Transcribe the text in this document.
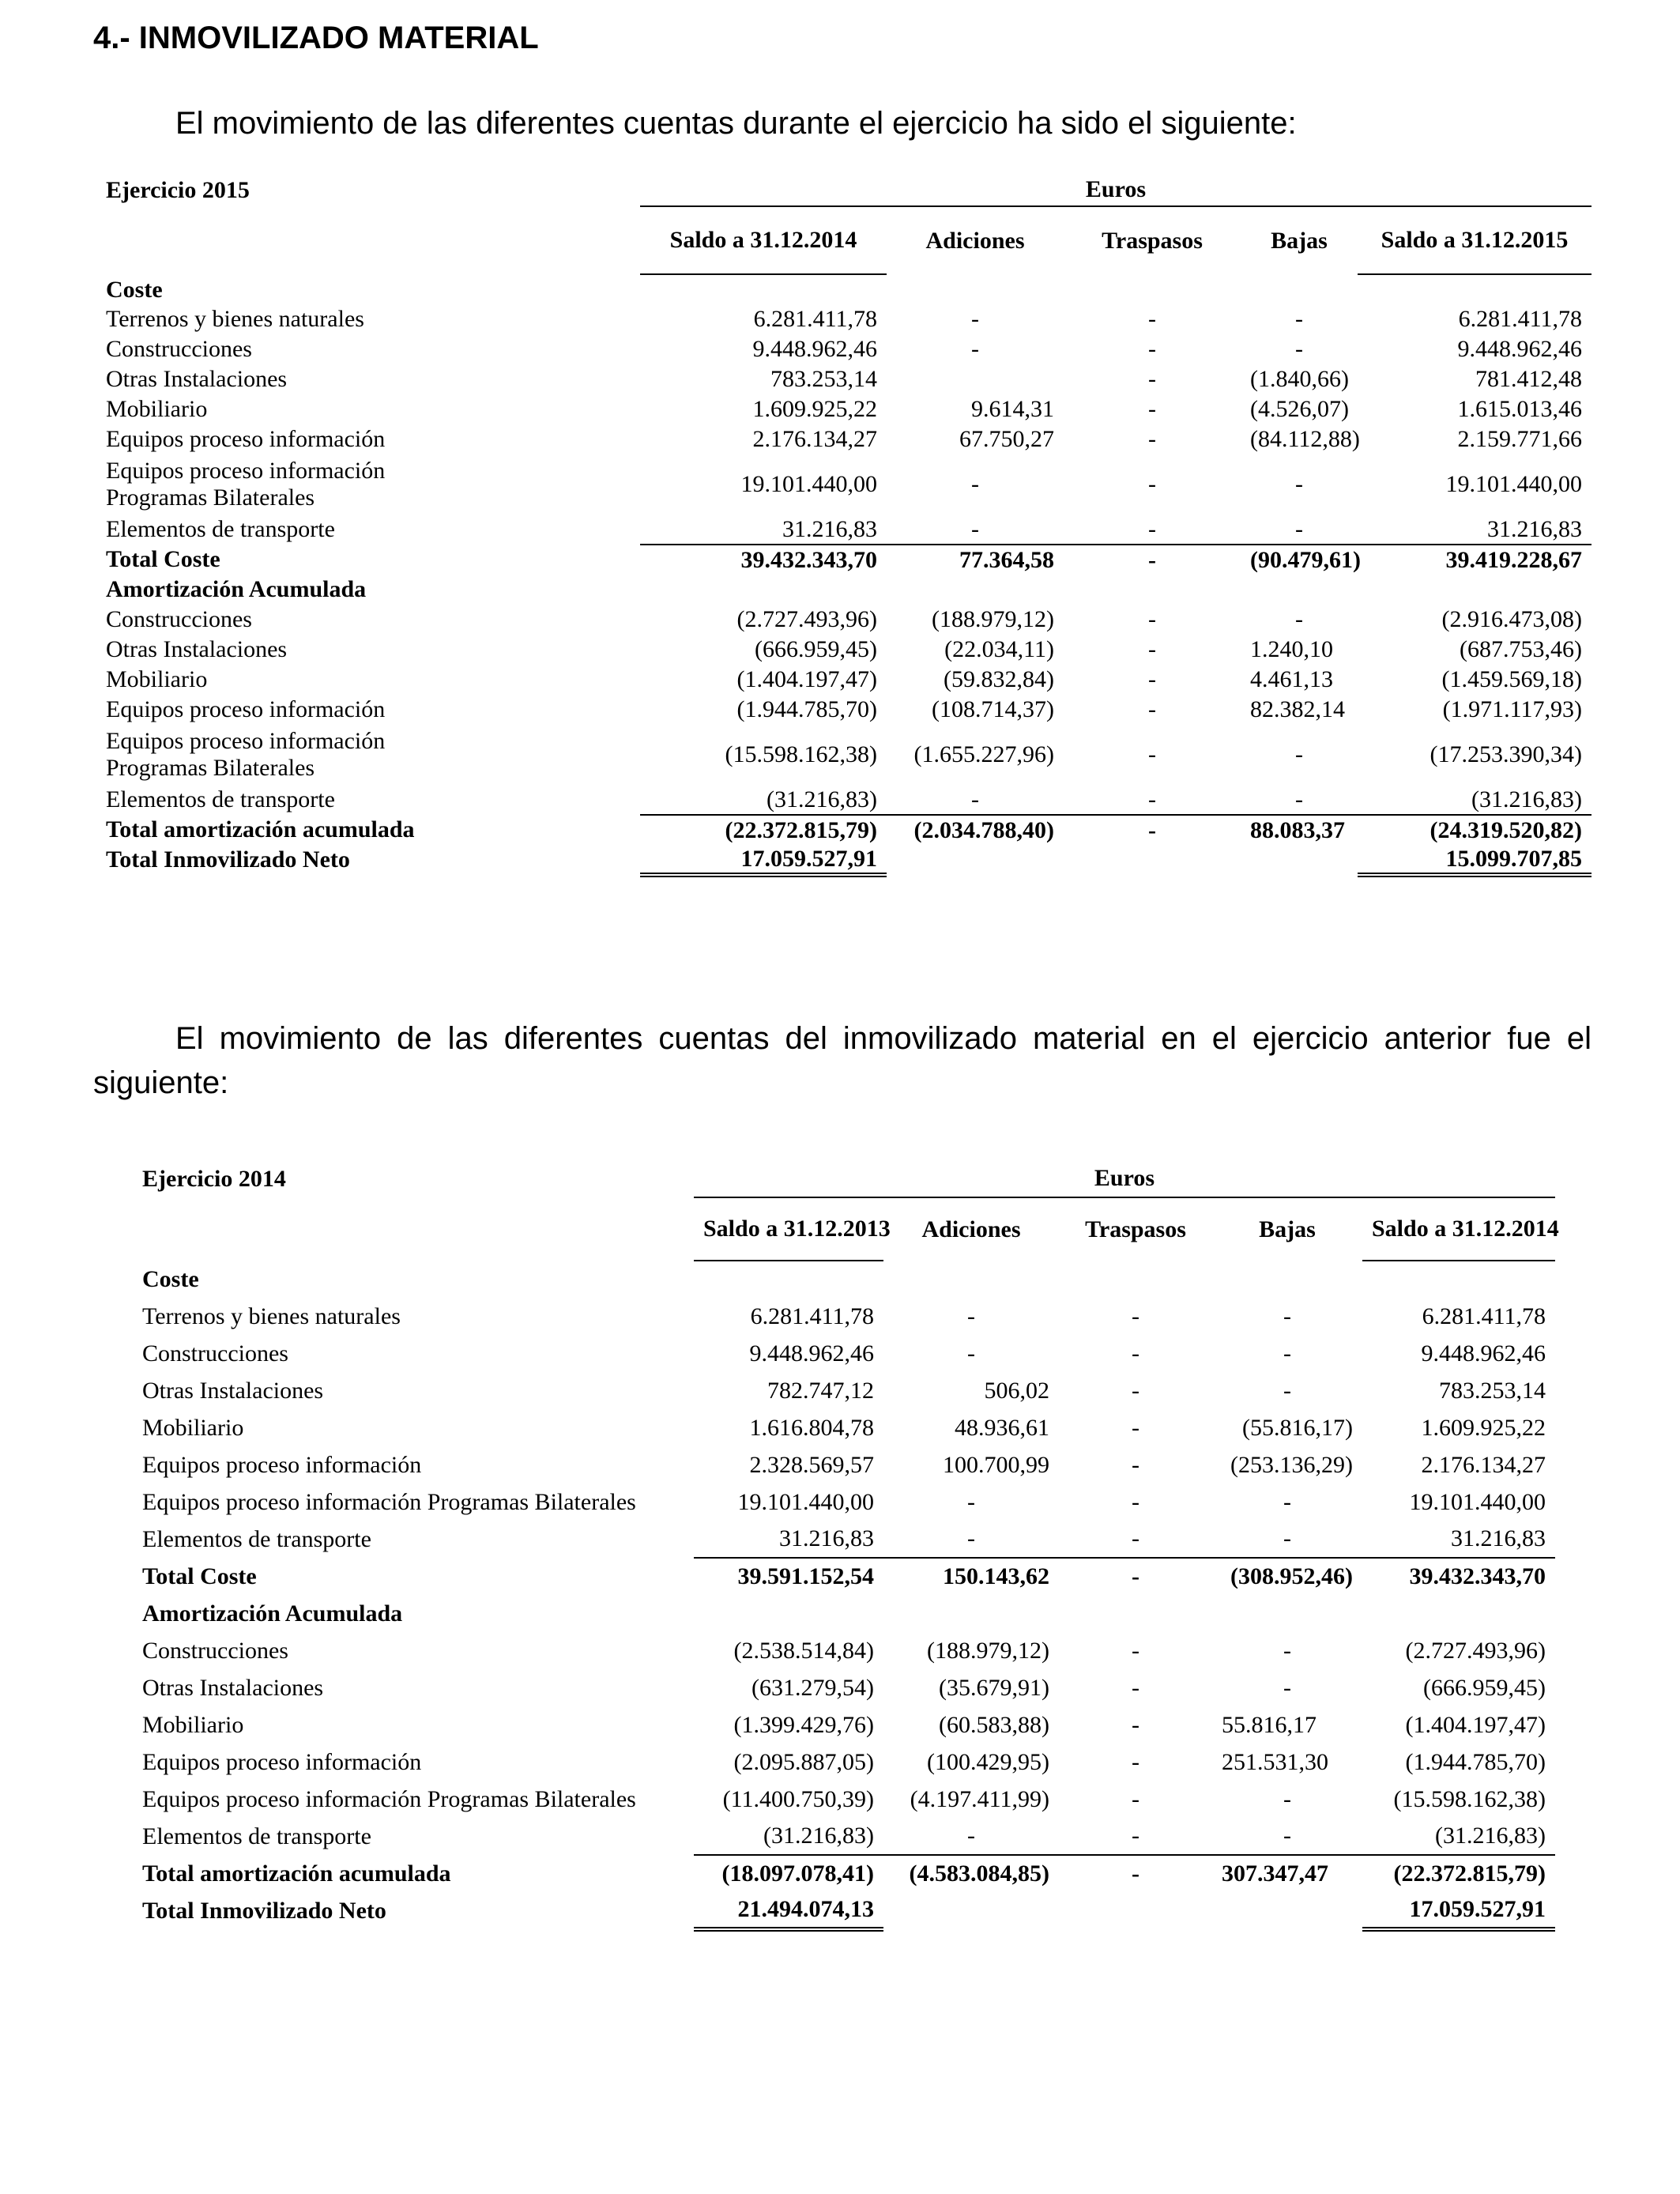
4.- INMOVILIZADO MATERIAL
El movimiento de las diferentes cuentas durante el ejercicio ha sido el siguiente:
Ejercicio 2015	Euros				
	Saldo a 31.12.2014	Adiciones	Traspasos	Bajas	Saldo a 31.12.2015
Coste					
Terrenos y bienes naturales	6.281.411,78	-	-	-	6.281.411,78
Construcciones	9.448.962,46	-	-	-	9.448.962,46
Otras Instalaciones	783.253,14		-	(1.840,66)	781.412,48
Mobiliario	1.609.925,22	9.614,31	-	(4.526,07)	1.615.013,46
Equipos proceso información	2.176.134,27	67.750,27	-	(84.112,88)	2.159.771,66
Equipos proceso información Programas Bilaterales	19.101.440,00	-	-	-	19.101.440,00
Elementos de transporte	31.216,83	-	-	-	31.216,83
Total Coste	39.432.343,70	77.364,58	-	(90.479,61)	39.419.228,67
Amortización Acumulada					
Construcciones	(2.727.493,96)	(188.979,12)	-	-	(2.916.473,08)
Otras Instalaciones	(666.959,45)	(22.034,11)	-	1.240,10	(687.753,46)
Mobiliario	(1.404.197,47)	(59.832,84)	-	4.461,13	(1.459.569,18)
Equipos proceso información	(1.944.785,70)	(108.714,37)	-	82.382,14	(1.971.117,93)
Equipos proceso información Programas Bilaterales	(15.598.162,38)	(1.655.227,96)	-	-	(17.253.390,34)
Elementos de transporte	(31.216,83)	-	-	-	(31.216,83)
Total amortización acumulada	(22.372.815,79)	(2.034.788,40)	-	88.083,37	(24.319.520,82)
Total Inmovilizado Neto	17.059.527,91				15.099.707,85
El movimiento de las diferentes cuentas del inmovilizado material en el ejercicio anterior fue el siguiente:
Ejercicio 2014	Euros				
	Saldo a 31.12.2013	Adiciones	Traspasos	Bajas	Saldo a 31.12.2014
Coste					
Terrenos y bienes naturales	6.281.411,78	-	-	-	6.281.411,78
Construcciones	9.448.962,46	-	-	-	9.448.962,46
Otras Instalaciones	782.747,12	506,02	-	-	783.253,14
Mobiliario	1.616.804,78	48.936,61	-	(55.816,17)	1.609.925,22
Equipos proceso información	2.328.569,57	100.700,99	-	(253.136,29)	2.176.134,27
Equipos proceso información Programas Bilaterales	19.101.440,00	-	-	-	19.101.440,00
Elementos de transporte	31.216,83	-	-	-	31.216,83
Total Coste	39.591.152,54	150.143,62	-	(308.952,46)	39.432.343,70
Amortización Acumulada					
Construcciones	(2.538.514,84)	(188.979,12)	-	-	(2.727.493,96)
Otras Instalaciones	(631.279,54)	(35.679,91)	-	-	(666.959,45)
Mobiliario	(1.399.429,76)	(60.583,88)	-	55.816,17	(1.404.197,47)
Equipos proceso información	(2.095.887,05)	(100.429,95)	-	251.531,30	(1.944.785,70)
Equipos proceso información Programas Bilaterales	(11.400.750,39)	(4.197.411,99)	-	-	(15.598.162,38)
Elementos de transporte	(31.216,83)	-	-	-	(31.216,83)
Total amortización acumulada	(18.097.078,41)	(4.583.084,85)	-	307.347,47	(22.372.815,79)
Total Inmovilizado Neto	21.494.074,13				17.059.527,91
